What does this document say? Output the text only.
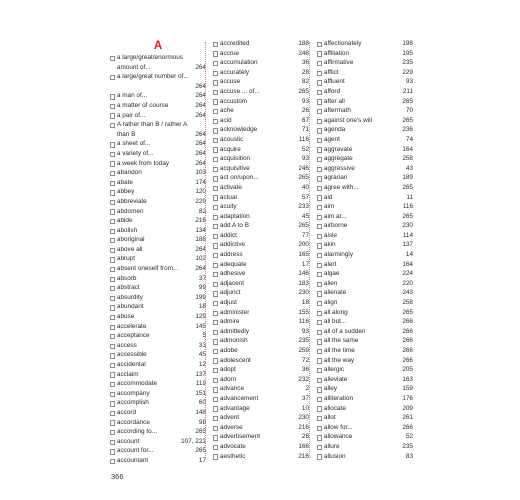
A
a large/great/enormous amount of...	264
a large/great number of...
264
a man of...	264
a matter of course	264
a pair of...	264
A rather than B / rather A than B	264
a sheet of...	264
a variety of...	264
a week from today	264
abandon	103
abate	174
abbey	120
abbreviate	229
abdomen	82
abide	216
abolish	134
aboriginal	188
above all	264
abrupt	102
absent oneself from...	264
absorb	37
abstract	99
absurdity	199
abundant	18
abuse	129
accelerate	145
acceptance	5
access	33
accessible	45
accidental	12
acclaim	137
accommodate	119
accompany	151
accomplish	60
accord	148
accordance	98
according to...	265
account	107, 222
account for...	265
accountant	17
accredited	188
accrue	248
accumulation	36
accurately	28
accuse	82
accuse ... of...	265
accustom	93
ache	26
acid	67
acknowledge	71
acoustic	116
acquire	52
acquisition	93
acquisitive	246
act on/upon...	265
activate	40
actual	57
acuity	233
adaptation	45
add A to B	265
addict	77
addictive	200
address	165
adequate	17
adhesive	146
adjacent	183
adjunct	230
adjust	18
administer	155
admire	116
admittedly	93
admonish	235
adobe	259
adolescent	72
adopt	36
adorn	232
advance	2
advancement	37
advantage	10
advent	230
adverse	216
advertisement	26
advocate	166
aesthetic	216
affectionately	198
affiliation	195
affirmative	235
afflict	229
affluent	93
afford	211
after all	265
aftermath	70
against one's will	265
agenda	236
agent	74
aggravate	164
aggregate	258
aggressive	43
agrarian	189
agree with...	265
aid	11
aim	116
aim at...	265
airborne	230
aisle	114
akin	137
alarmingly	14
alert	164
algae	224
alien	220
alienate	243
align	258
all along	265
all but...	266
all of a sudden	266
all the same	266
all the time	266
all the way	266
allergic	205
alleviate	163
alley	159
alliteration	176
allocate	209
allot	261
allow for...	266
allowance	52
allure	235
allusion	83
366
